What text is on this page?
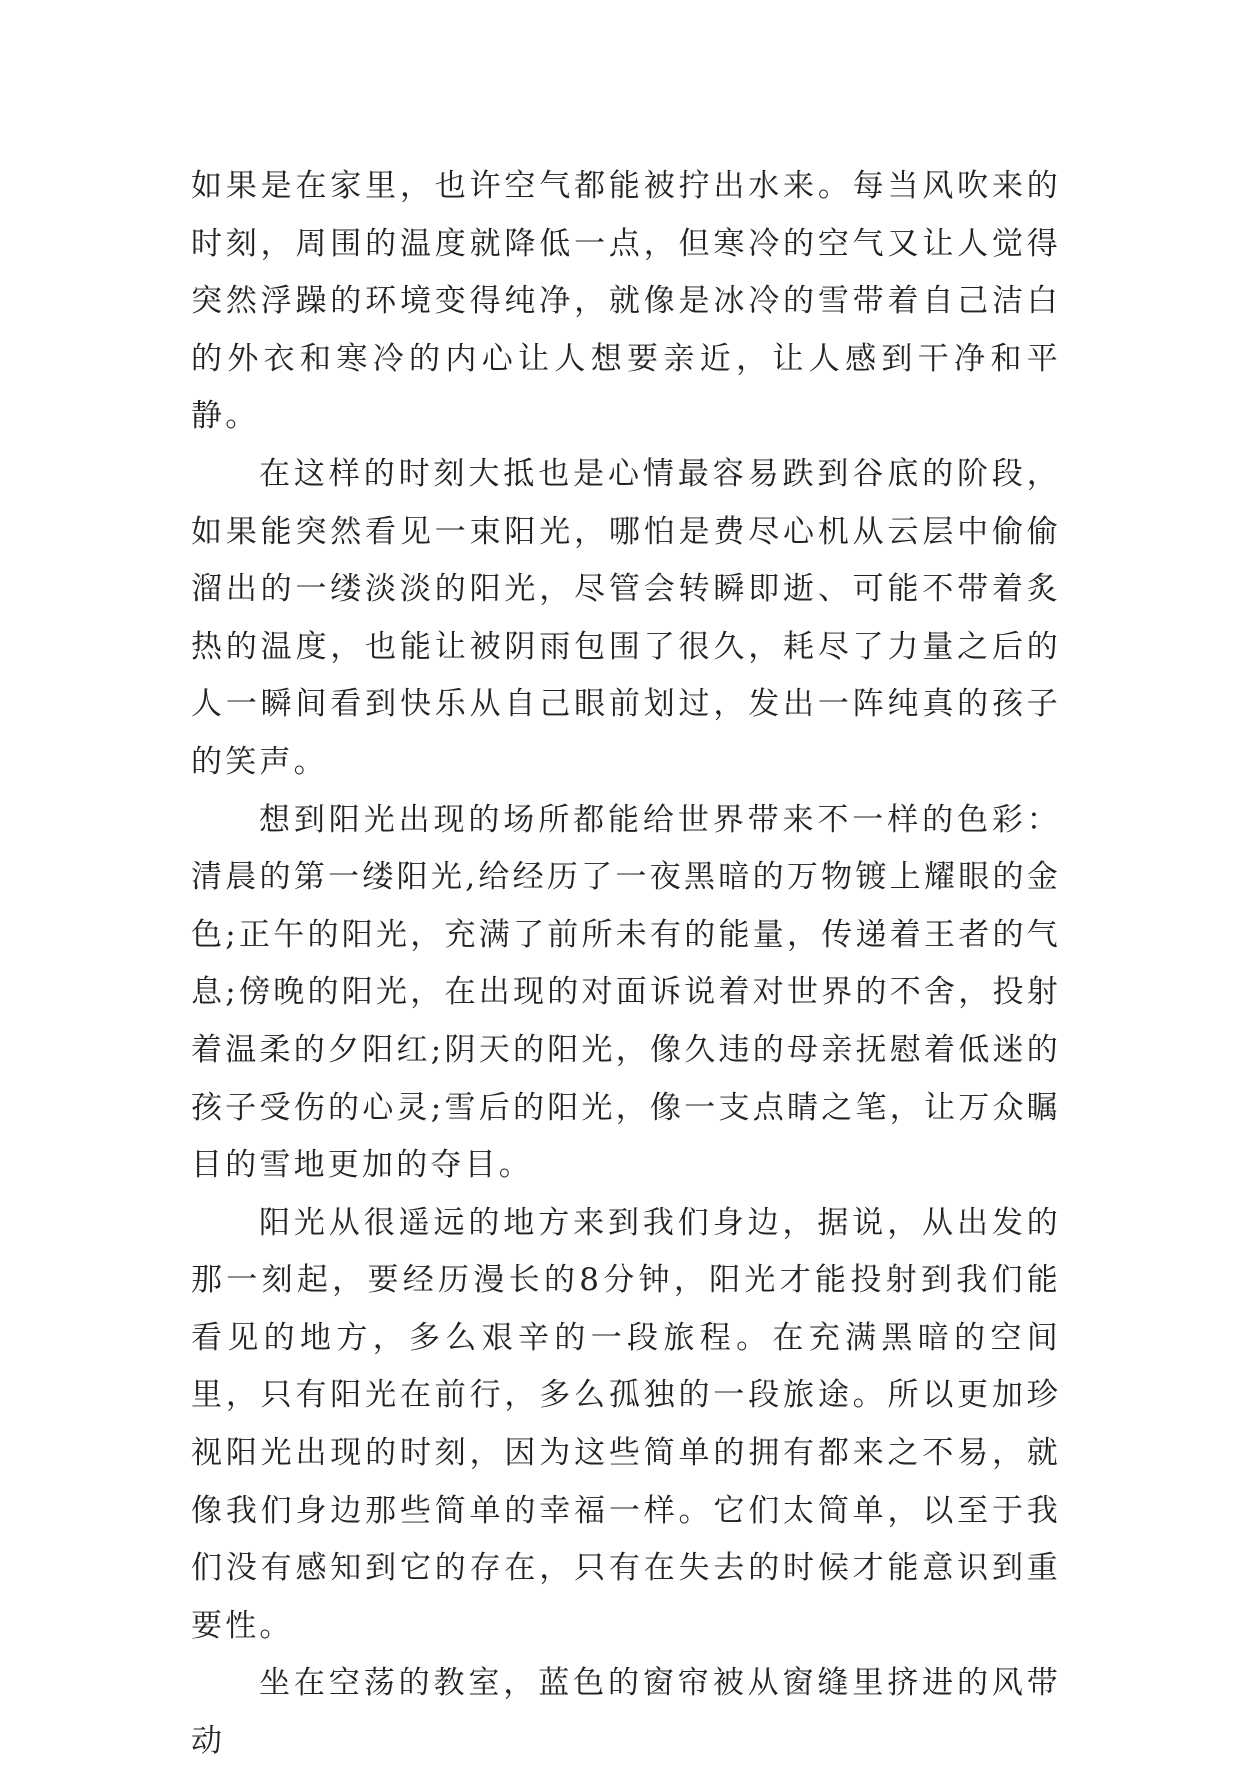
如果是在家里，也许空气都能被拧出水来。每当风吹来的时刻，周围的温度就降低一点，但寒冷的空气又让人觉得突然浮躁的环境变得纯净，就像是冰冷的雪带着自己洁白的外衣和寒冷的内心让人想要亲近，让人感到干净和平静。

在这样的时刻大抵也是心情最容易跌到谷底的阶段，如果能突然看见一束阳光，哪怕是费尽心机从云层中偷偷溜出的一缕淡淡的阳光，尽管会转瞬即逝、可能不带着炙热的温度，也能让被阴雨包围了很久，耗尽了力量之后的人一瞬间看到快乐从自己眼前划过，发出一阵纯真的孩子的笑声。

想到阳光出现的场所都能给世界带来不一样的色彩：清晨的第一缕阳光,给经历了一夜黑暗的万物镀上耀眼的金色;正午的阳光，充满了前所未有的能量，传递着王者的气息;傍晚的阳光，在出现的对面诉说着对世界的不舍，投射着温柔的夕阳红;阴天的阳光，像久违的母亲抚慰着低迷的孩子受伤的心灵;雪后的阳光，像一支点睛之笔，让万众瞩目的雪地更加的夺目。

阳光从很遥远的地方来到我们身边，据说，从出发的那一刻起，要经历漫长的8分钟，阳光才能投射到我们能看见的地方，多么艰辛的一段旅程。在充满黑暗的空间里，只有阳光在前行，多么孤独的一段旅途。所以更加珍视阳光出现的时刻，因为这些简单的拥有都来之不易，就像我们身边那些简单的幸福一样。它们太简单，以至于我们没有感知到它的存在，只有在失去的时候才能意识到重要性。

坐在空荡的教室，蓝色的窗帘被从窗缝里挤进的风带动
